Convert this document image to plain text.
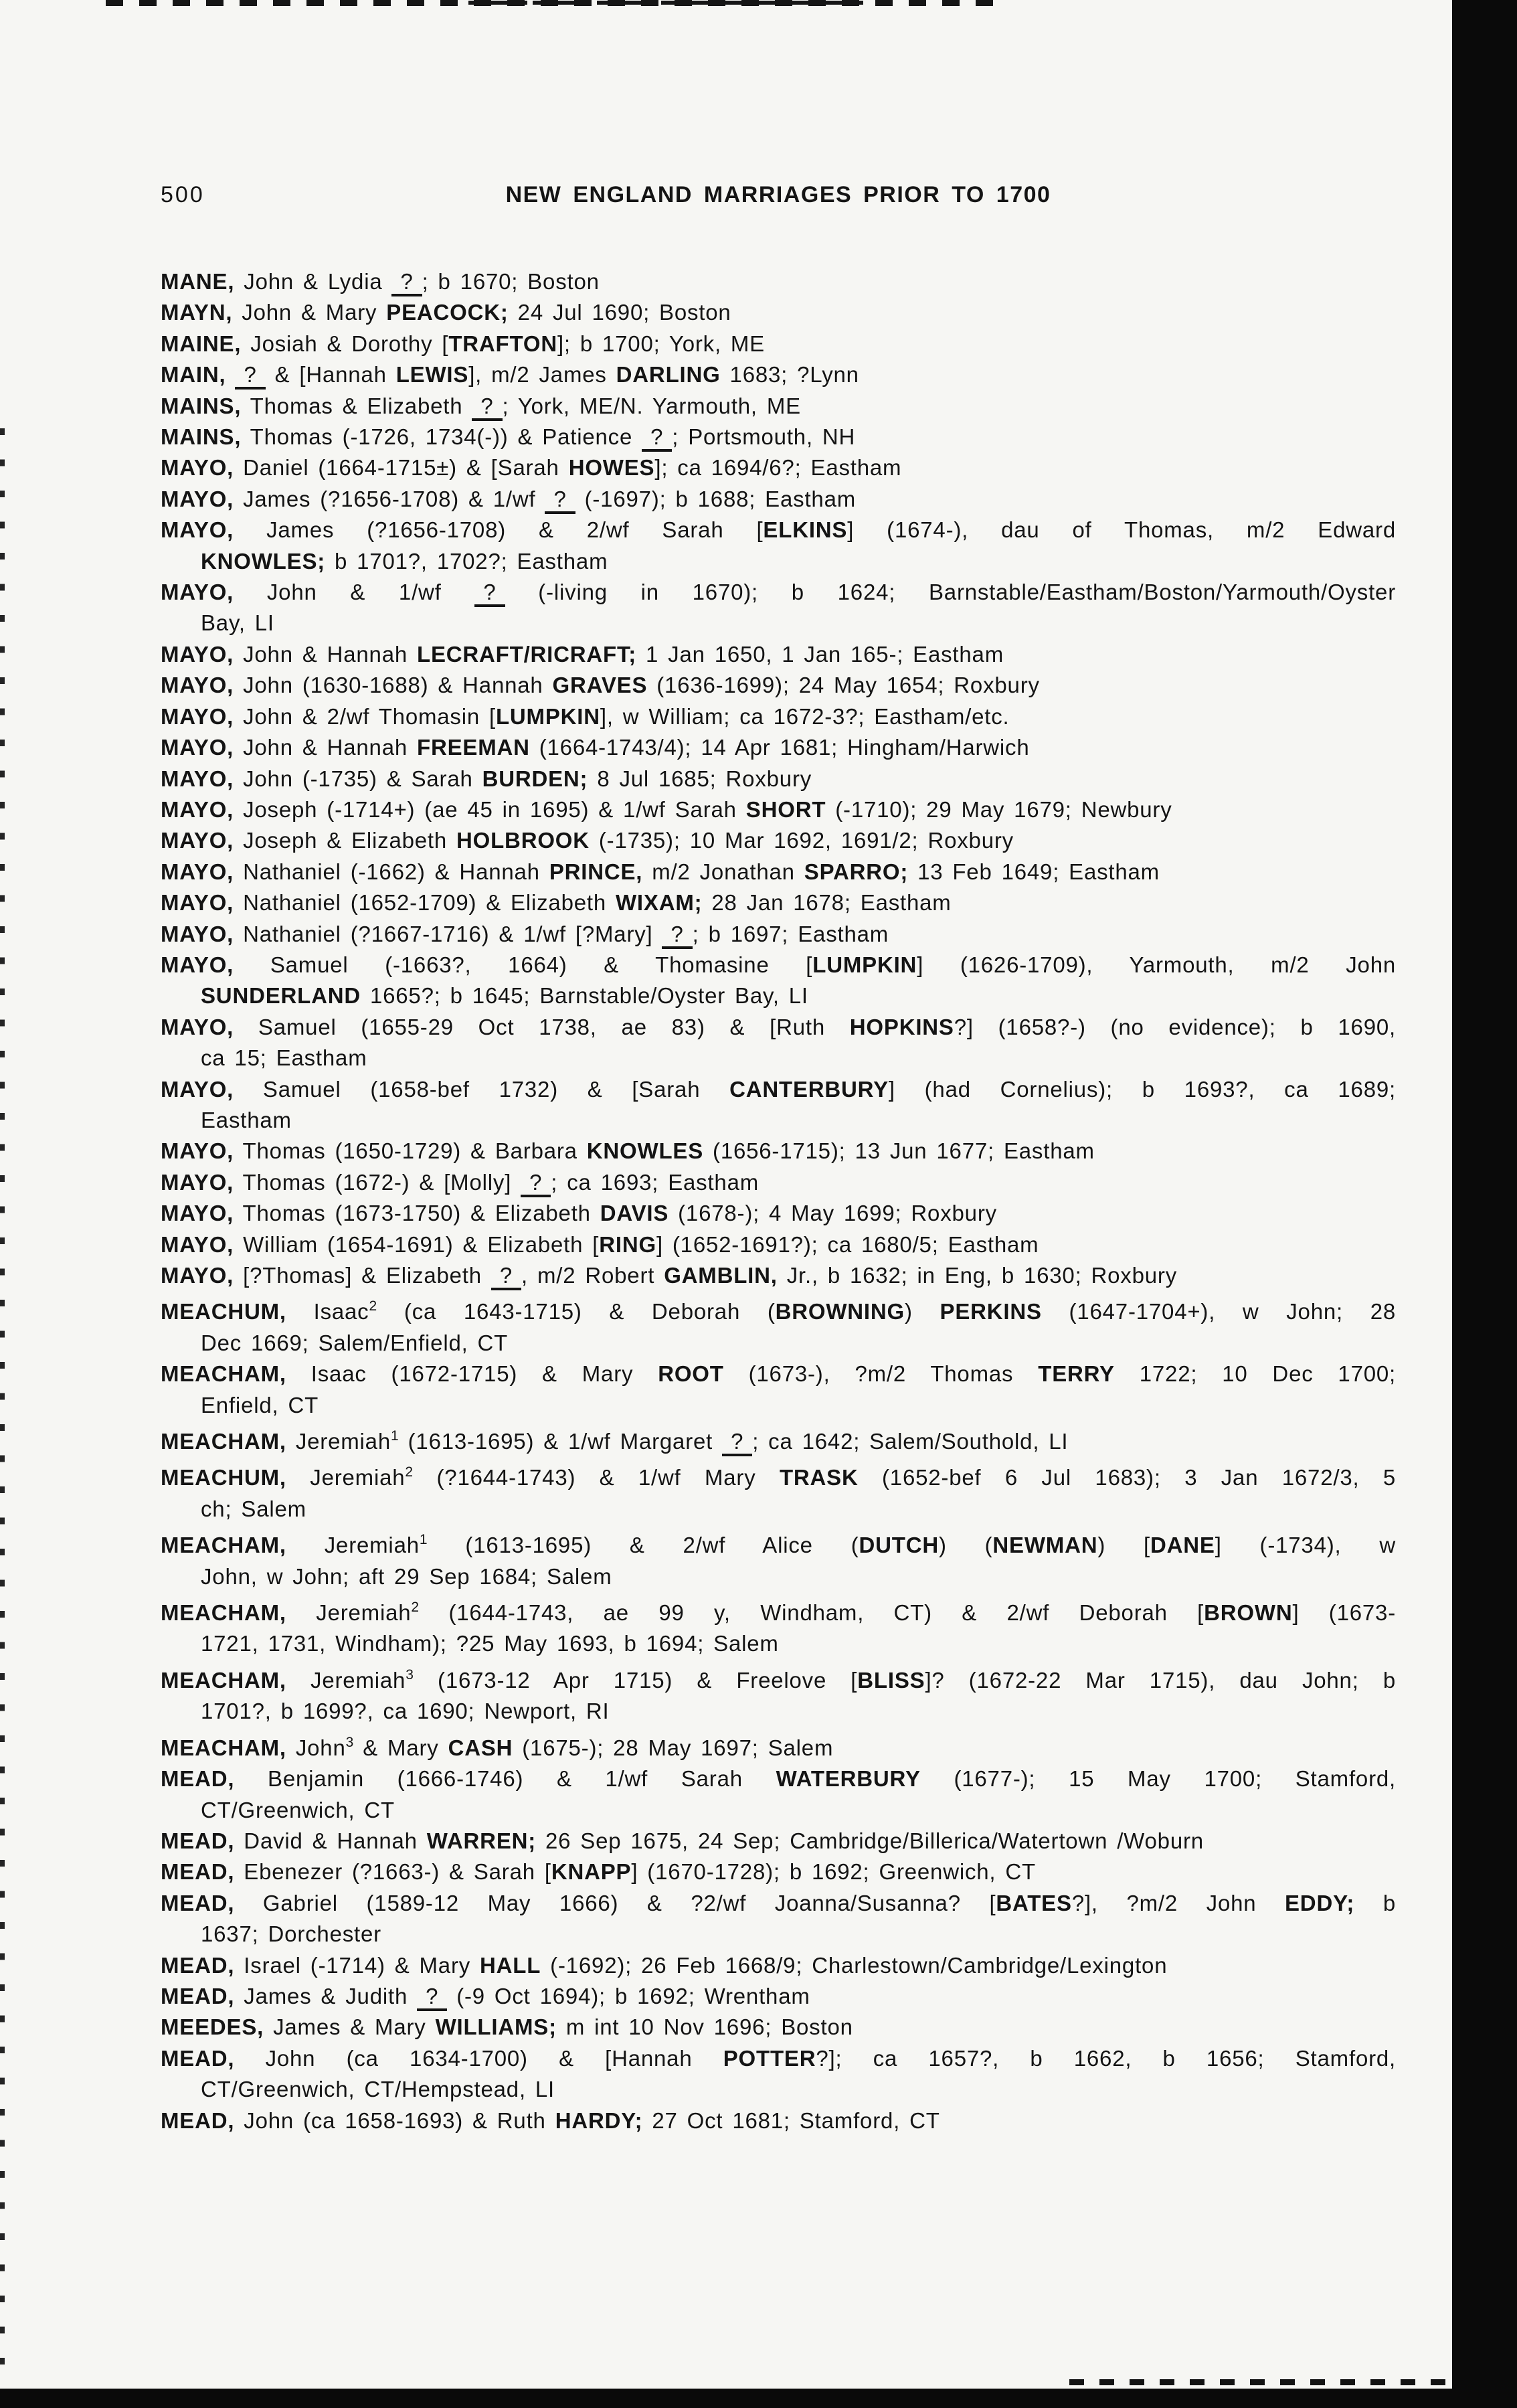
500	NEW ENGLAND MARRIAGES PRIOR TO 1700

MANE, John & Lydia ? ; b 1670; Boston

MAYN, John & Mary PEACOCK; 24 Jul 1690; Boston

MAINE, Josiah & Dorothy [TRAFTON]; b 1700; York, ME

MAIN, ? & [Hannah LEWIS], m/2 James DARLING 1683; ?Lynn

MAINS, Thomas & Elizabeth ? ; York, ME/N. Yarmouth, ME

MAINS, Thomas (-1726, 1734(-)) & Patience ? ; Portsmouth, NH

MAYO, Daniel (1664-1715±) & [Sarah HOWES]; ca 1694/6?; Eastham

MAYO, James (?1656-1708) & 1/wf ? (-1697); b 1688; Eastham

MAYO, James (?1656-1708) & 2/wf Sarah [ELKINS] (1674-), dau of Thomas, m/2 Edward
KNOWLES; b 1701?, 1702?; Eastham

MAYO, John & 1/wf ? (-living in 1670); b 1624; Barnstable/Eastham/Boston/Yarmouth/Oyster
Bay, LI

MAYO, John & Hannah LECRAFT/RICRAFT; 1 Jan 1650, 1 Jan 165-; Eastham

MAYO, John (1630-1688) & Hannah GRAVES (1636-1699); 24 May 1654; Roxbury

MAYO, John & 2/wf Thomasin [LUMPKIN], w William; ca 1672-3?; Eastham/etc.

MAYO, John & Hannah FREEMAN (1664-1743/4); 14 Apr 1681; Hingham/Harwich

MAYO, John (-1735) & Sarah BURDEN; 8 Jul 1685; Roxbury

MAYO, Joseph (-1714+) (ae 45 in 1695) & 1/wf Sarah SHORT (-1710); 29 May 1679; Newbury

MAYO, Joseph & Elizabeth HOLBROOK (-1735); 10 Mar 1692, 1691/2; Roxbury

MAYO, Nathaniel (-1662) & Hannah PRINCE, m/2 Jonathan SPARRO; 13 Feb 1649; Eastham

MAYO, Nathaniel (1652-1709) & Elizabeth WIXAM; 28 Jan 1678; Eastham

MAYO, Nathaniel (?1667-1716) & 1/wf [?Mary] ? ; b 1697; Eastham

MAYO, Samuel (-1663?, 1664) & Thomasine [LUMPKIN] (1626-1709), Yarmouth, m/2 John
SUNDERLAND 1665?; b 1645; Barnstable/Oyster Bay, LI

MAYO, Samuel (1655-29 Oct 1738, ae 83) & [Ruth HOPKINS?] (1658?-) (no evidence); b 1690,
ca 15; Eastham

MAYO, Samuel (1658-bef 1732) & [Sarah CANTERBURY] (had Cornelius); b 1693?, ca 1689;
Eastham

MAYO, Thomas (1650-1729) & Barbara KNOWLES (1656-1715); 13 Jun 1677; Eastham

MAYO, Thomas (1672-) & [Molly] ? ; ca 1693; Eastham

MAYO, Thomas (1673-1750) & Elizabeth DAVIS (1678-); 4 May 1699; Roxbury

MAYO, William (1654-1691) & Elizabeth [RING] (1652-1691?); ca 1680/5; Eastham

MAYO, [?Thomas] & Elizabeth ? , m/2 Robert GAMBLIN, Jr., b 1632; in Eng, b 1630; Roxbury

MEACHUM, Isaac$^2$ (ca 1643-1715) & Deborah (BROWNING) PERKINS (1647-1704+), w John; 28
Dec 1669; Salem/Enfield, CT

MEACHAM, Isaac (1672-1715) & Mary ROOT (1673-), ?m/2 Thomas TERRY 1722; 10 Dec 1700;
Enfield, CT

MEACHAM, Jeremiah$^1$ (1613-1695) & 1/wf Margaret ? ; ca 1642; Salem/Southold, LI

MEACHUM, Jeremiah$^2$ (?1644-1743) & 1/wf Mary TRASK (1652-bef 6 Jul 1683); 3 Jan 1672/3, 5
ch; Salem

MEACHAM, Jeremiah$^1$ (1613-1695) & 2/wf Alice (DUTCH) (NEWMAN) [DANE] (-1734), w
John, w John; aft 29 Sep 1684; Salem

MEACHAM, Jeremiah$^2$ (1644-1743, ae 99 y, Windham, CT) & 2/wf Deborah [BROWN] (1673-
1721, 1731, Windham); ?25 May 1693, b 1694; Salem

MEACHAM, Jeremiah$^3$ (1673-12 Apr 1715) & Freelove [BLISS]? (1672-22 Mar 1715), dau John; b
1701?, b 1699?, ca 1690; Newport, RI

MEACHAM, John$^3$ & Mary CASH (1675-); 28 May 1697; Salem

MEAD, Benjamin (1666-1746) & 1/wf Sarah WATERBURY (1677-); 15 May 1700; Stamford,
CT/Greenwich, CT

MEAD, David & Hannah WARREN; 26 Sep 1675, 24 Sep; Cambridge/Billerica/Watertown /Woburn

MEAD, Ebenezer (?1663-) & Sarah [KNAPP] (1670-1728); b 1692; Greenwich, CT

MEAD, Gabriel (1589-12 May 1666) & ?2/wf Joanna/Susanna? [BATES?], ?m/2 John EDDY; b
1637; Dorchester

MEAD, Israel (-1714) & Mary HALL (-1692); 26 Feb 1668/9; Charlestown/Cambridge/Lexington

MEAD, James & Judith ? (-9 Oct 1694); b 1692; Wrentham

MEEDES, James & Mary WILLIAMS; m int 10 Nov 1696; Boston

MEAD, John (ca 1634-1700) & [Hannah POTTER?]; ca 1657?, b 1662, b 1656; Stamford,
CT/Greenwich, CT/Hempstead, LI

MEAD, John (ca 1658-1693) & Ruth HARDY; 27 Oct 1681; Stamford, CT
